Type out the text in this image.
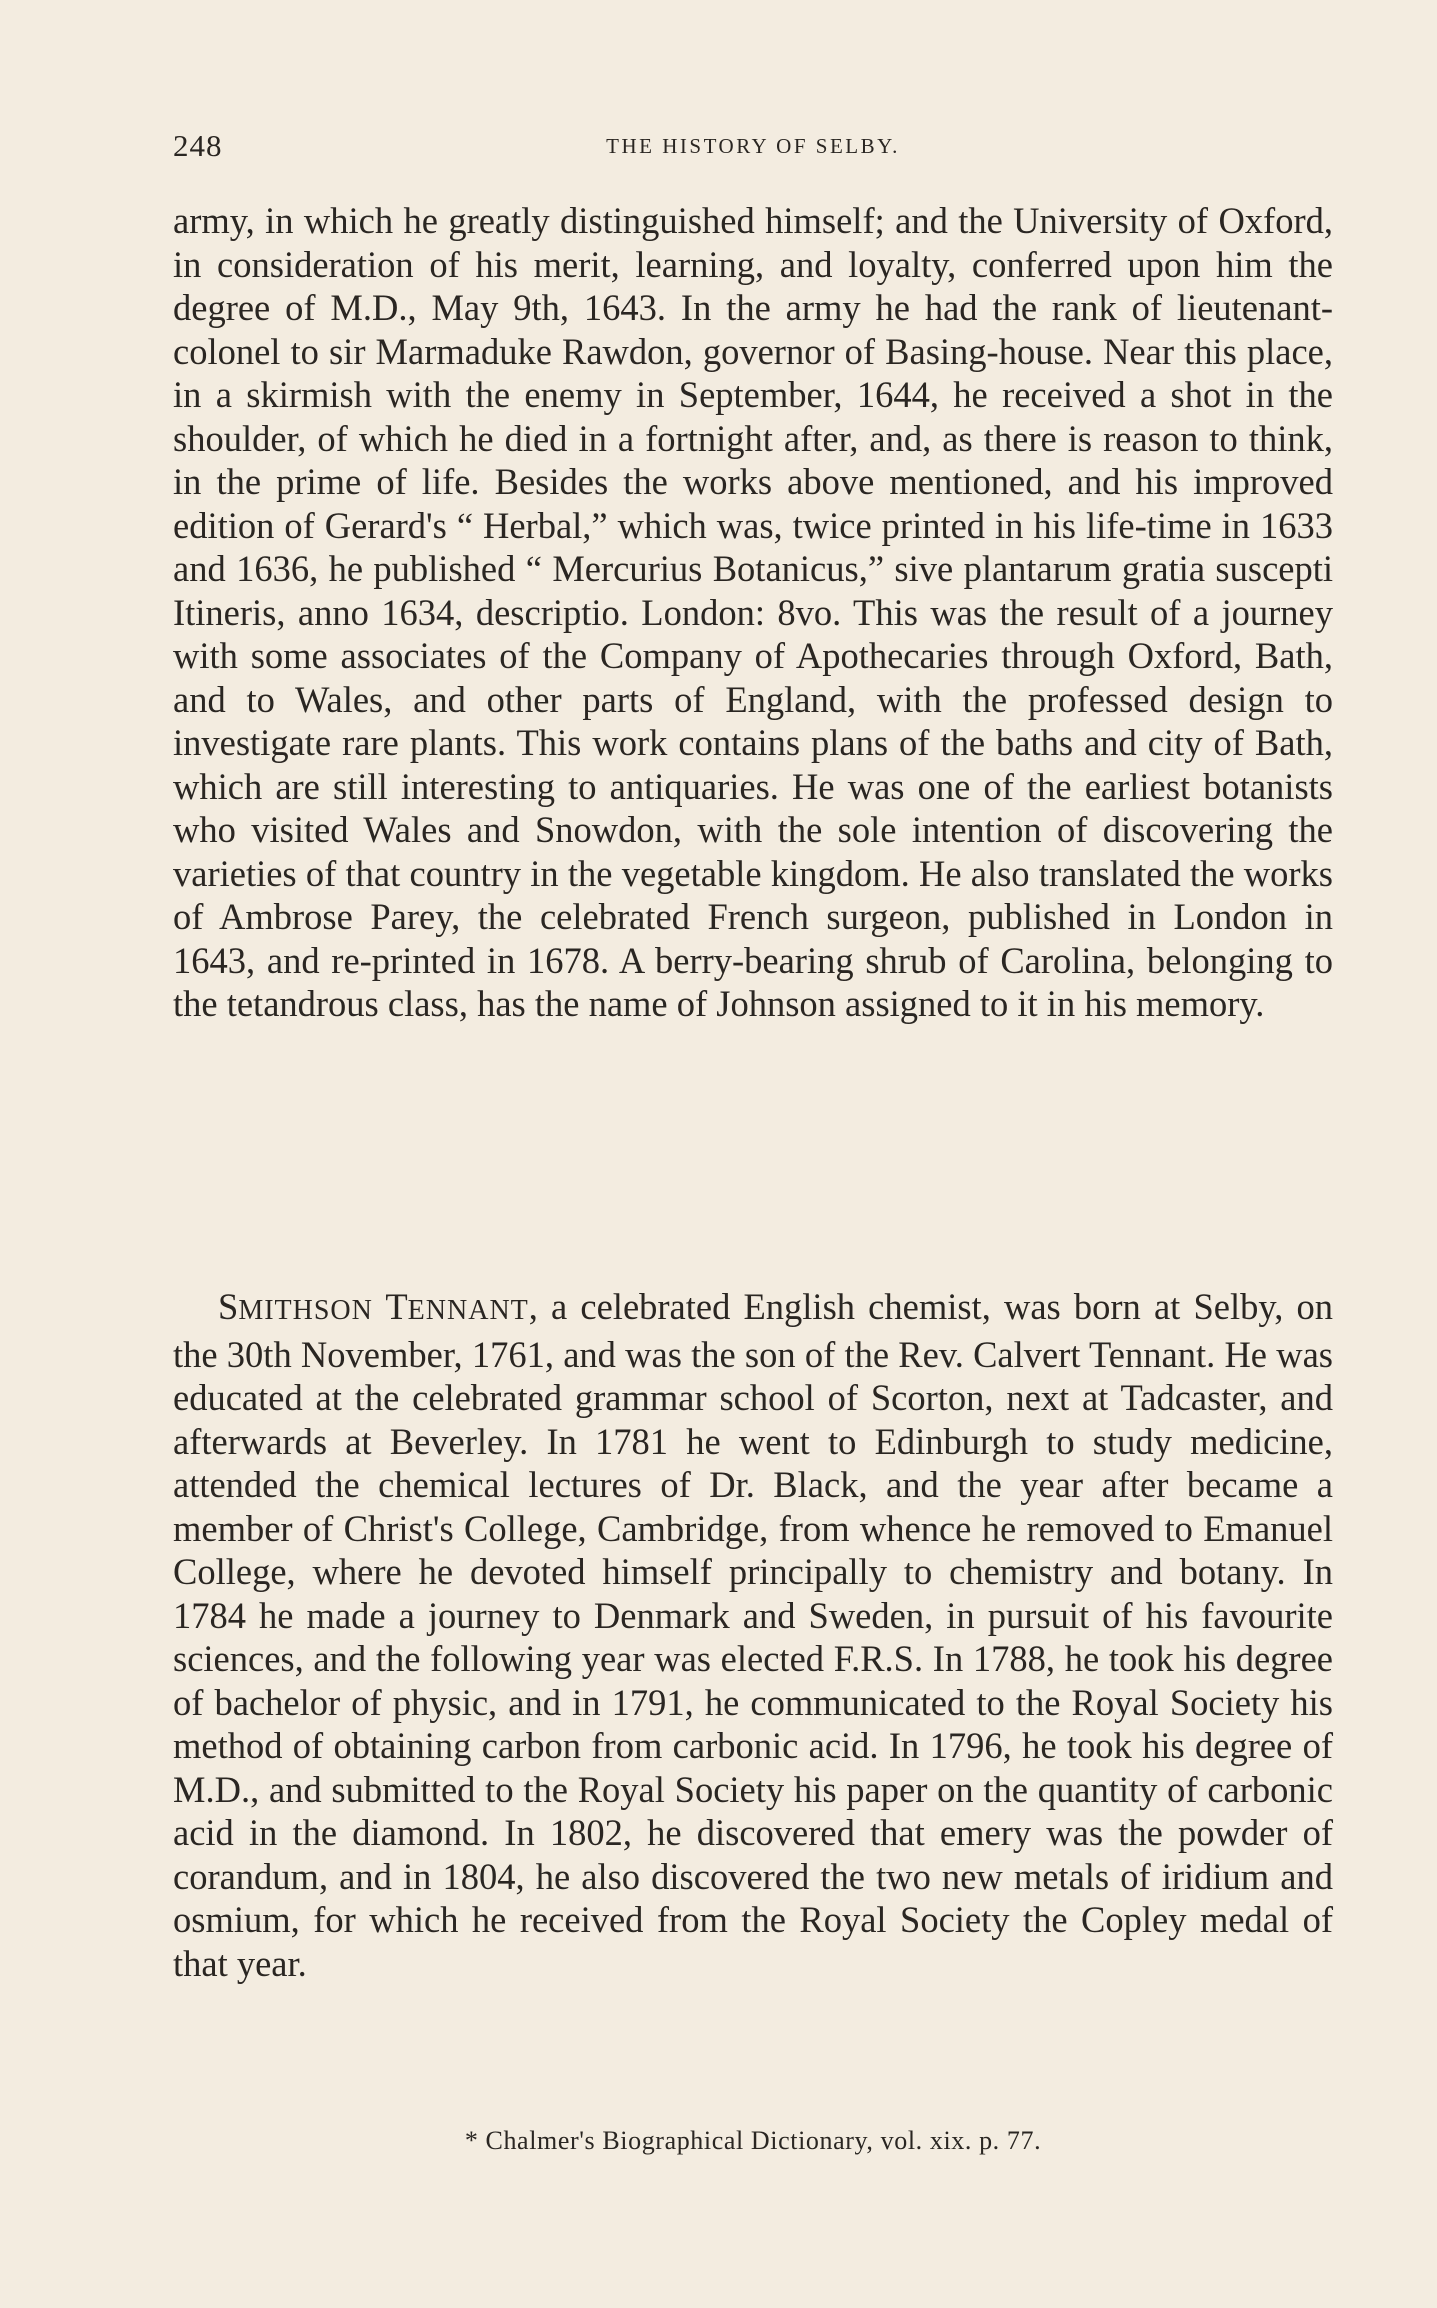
248	THE HISTORY OF SELBY.
army, in which he greatly distinguished himself; and the University of Oxford, in consideration of his merit, learning, and loyalty, conferred upon him the degree of M.D., May 9th, 1643. In the army he had the rank of lieutenant-colonel to sir Marmaduke Rawdon, governor of Basing-house. Near this place, in a skirmish with the enemy in September, 1644, he received a shot in the shoulder, of which he died in a fortnight after, and, as there is reason to think, in the prime of life. Besides the works above mentioned, and his improved edition of Gerard's “ Herbal,” which was, twice printed in his life-time in 1633 and 1636, he published “ Mercurius Botanicus,” sive plantarum gratia suscepti Itineris, anno 1634, descriptio. London: 8vo. This was the result of a journey with some associates of the Company of Apothecaries through Oxford, Bath, and to Wales, and other parts of England, with the professed design to investigate rare plants. This work contains plans of the baths and city of Bath, which are still interesting to antiquaries. He was one of the earliest botanists who visited Wales and Snowdon, with the sole intention of discovering the varieties of that country in the vegetable kingdom. He also translated the works of Ambrose Parey, the celebrated French surgeon, published in London in 1643, and re-printed in 1678. A berry-bearing shrub of Carolina, belonging to the tetandrous class, has the name of Johnson assigned to it in his memory.
SMITHSON TENNANT, a celebrated English chemist, was born at Selby, on the 30th November, 1761, and was the son of the Rev. Calvert Tennant. He was educated at the celebrated grammar school of Scorton, next at Tadcaster, and afterwards at Beverley. In 1781 he went to Edinburgh to study medicine, attended the chemical lectures of Dr. Black, and the year after became a member of Christ's College, Cambridge, from whence he removed to Emanuel College, where he devoted himself principally to chemistry and botany. In 1784 he made a journey to Denmark and Sweden, in pursuit of his favourite sciences, and the following year was elected F.R.S. In 1788, he took his degree of bachelor of physic, and in 1791, he communicated to the Royal Society his method of obtaining carbon from carbonic acid. In 1796, he took his degree of M.D., and submitted to the Royal Society his paper on the quantity of carbonic acid in the diamond. In 1802, he discovered that emery was the powder of corandum, and in 1804, he also discovered the two new metals of iridium and osmium, for which he received from the Royal Society the Copley medal of that year.
* Chalmer's Biographical Dictionary, vol. xix. p. 77.
